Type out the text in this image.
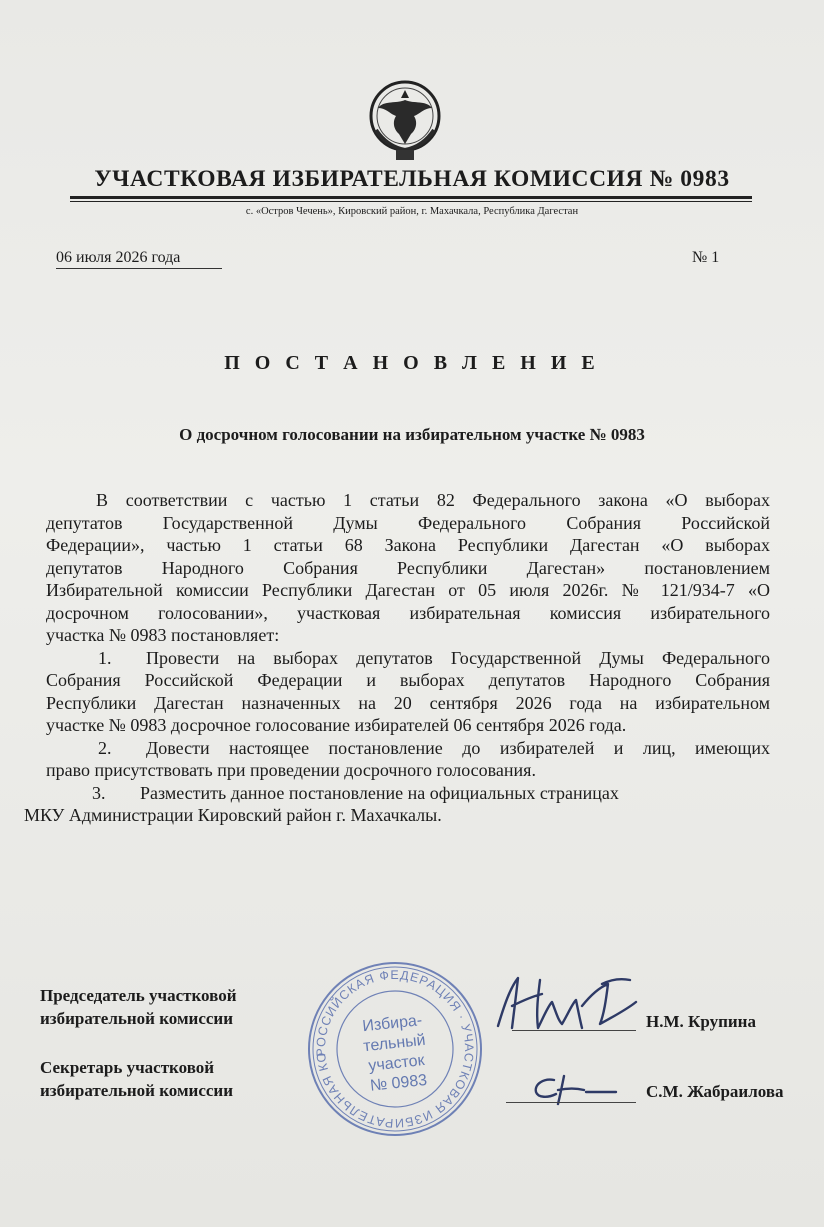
УЧАСТКОВАЯ ИЗБИРАТЕЛЬНАЯ КОМИССИЯ № 0983
с. «Остров Чечень», Кировский район, г. Махачкала, Республика Дагестан
06 июля 2026 года	№ 1
П О С Т А Н О В Л Е Н И Е
О досрочном голосовании на избирательном участке № 0983

В соответствии с частью 1 статьи 82 Федерального закона «О выборах

депутатов Государственной Думы Федерального Собрания Российской

Федерации», частью 1 статьи 68 Закона Республики Дагестан «О выборах

депутатов Народного Собрания Республики Дагестан» постановлением

Избирательной комиссии Республики Дагестан от 05 июля 2026г. № 121/934-7 «О

досрочном голосовании», участковая избирательная комиссия избирательного

участка № 0983 постановляет:

1. Провести на выборах депутатов Государственной Думы Федерального

Собрания Российской Федерации и выборах депутатов Народного Собрания

Республики Дагестан назначенных на 20 сентября 2026 года на избирательном

участке № 0983 досрочное голосование избирателей 06 сентября 2026 года.

2. Довести настоящее постановление до избирателей и лиц, имеющих

право присутствовать при проведении досрочного голосования.

3. Разместить данное постановление на официальных страницах

МКУ Администрации Кировский район г. Махачкалы.

Председатель участковой
избирательной комиссии
Секретарь участковой
избирательной комиссии
РОССИЙСКАЯ ФЕДЕРАЦИЯ · УЧАСТКОВАЯ ИЗБИРАТЕЛЬНАЯ КОМИССИЯ
Избира-
тельный
участок
№ 0983
Н.М. Крупина
С.М. Жабраилова
